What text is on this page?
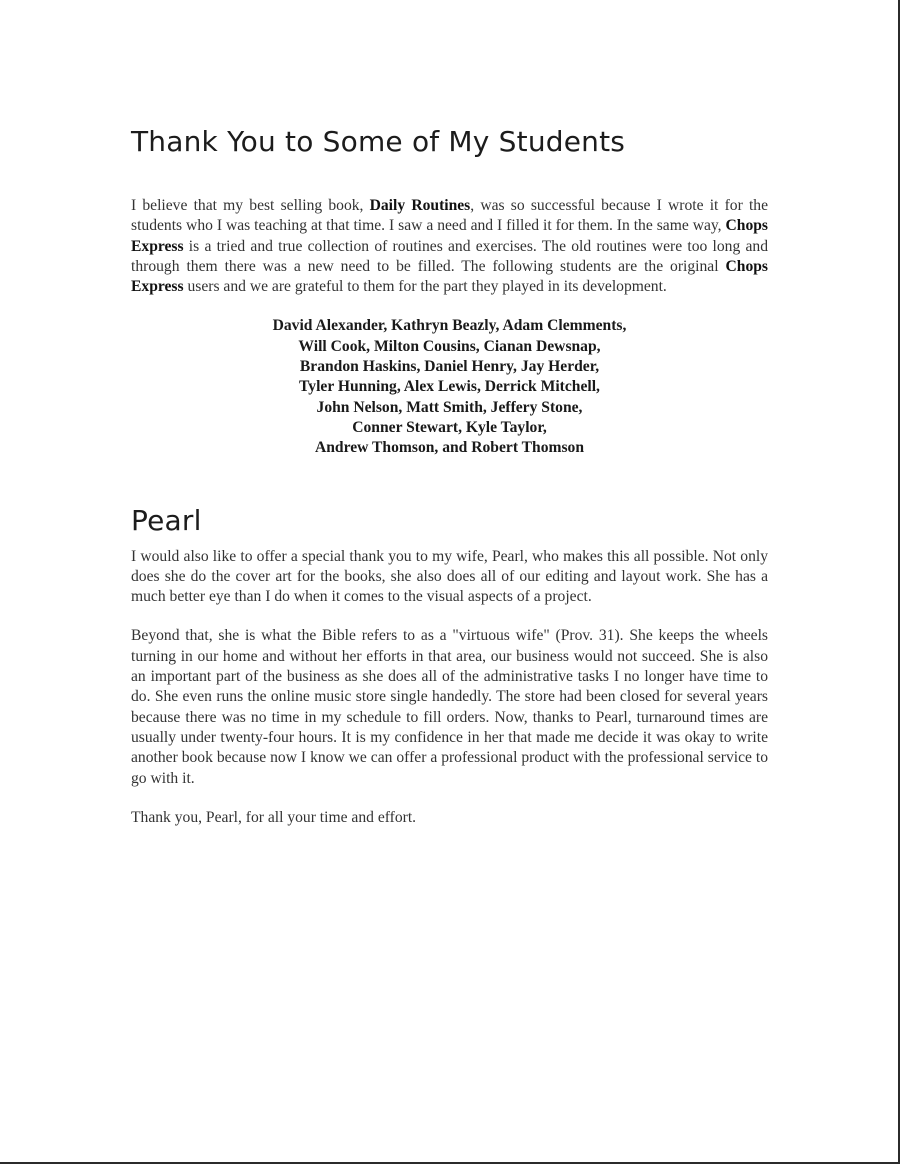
Thank You to Some of My Students

I believe that my best selling book, Daily Routines, was so successful because I wrote it for the students who I was teaching at that time. I saw a need and I filled it for them. In the same way, Chops Express is a tried and true collection of routines and exercises. The old routines were too long and through them there was a new need to be filled. The following students are the original Chops Express users and we are grateful to them for the part they played in its development.

David Alexander, Kathryn Beazly, Adam Clemments,
Will Cook, Milton Cousins, Cianan Dewsnap,
Brandon Haskins, Daniel Henry, Jay Herder,
Tyler Hunning, Alex Lewis, Derrick Mitchell,
John Nelson, Matt Smith, Jeffery Stone,
Conner Stewart, Kyle Taylor,
Andrew Thomson, and Robert Thomson
Pearl

I would also like to offer a special thank you to my wife, Pearl, who makes this all possible. Not only does she do the cover art for the books, she also does all of our editing and layout work. She has a much better eye than I do when it comes to the visual aspects of a project.

Beyond that, she is what the Bible refers to as a "virtuous wife" (Prov. 31). She keeps the wheels turning in our home and without her efforts in that area, our business would not succeed. She is also an important part of the business as she does all of the administrative tasks I no longer have time to do. She even runs the online music store single handedly. The store had been closed for several years because there was no time in my schedule to fill orders. Now, thanks to Pearl, turnaround times are usually under twenty-four hours. It is my confidence in her that made me decide it was okay to write another book because now I know we can offer a professional product with the professional service to go with it.

Thank you, Pearl, for all your time and effort.
